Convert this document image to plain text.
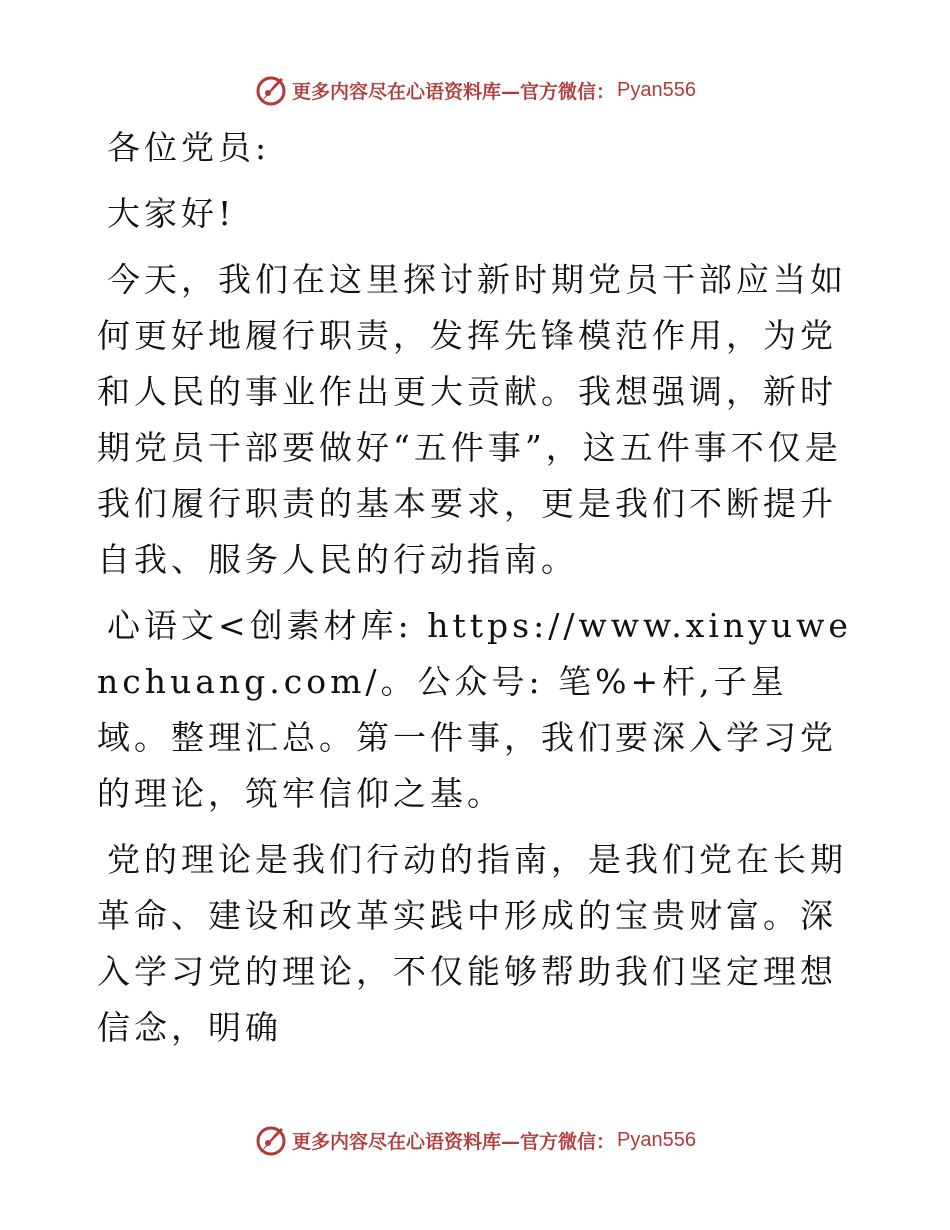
更多内容尽在心语资料库—官方微信： Pyan556

各位党员:

大家好!

今天，我们在这里探讨新时期党员干部应当如何更好地履行职责，发挥先锋模范作用，为党和人民的事业作出更大贡献。我想强调，新时期党员干部要做好“五件事”，这五件事不仅是我们履行职责的基本要求，更是我们不断提升自我、服务人民的行动指南。

心语文<创素材库: https://www.xinyuwenchuang.com/。公众号: 笔%+杆,子星域。整理汇总。第一件事，我们要深入学习党的理论，筑牢信仰之基。

党的理论是我们行动的指南，是我们党在长期革命、建设和改革实践中形成的宝贵财富。深入学习党的理论，不仅能够帮助我们坚定理想信念，明确

更多内容尽在心语资料库—官方微信： Pyan556
